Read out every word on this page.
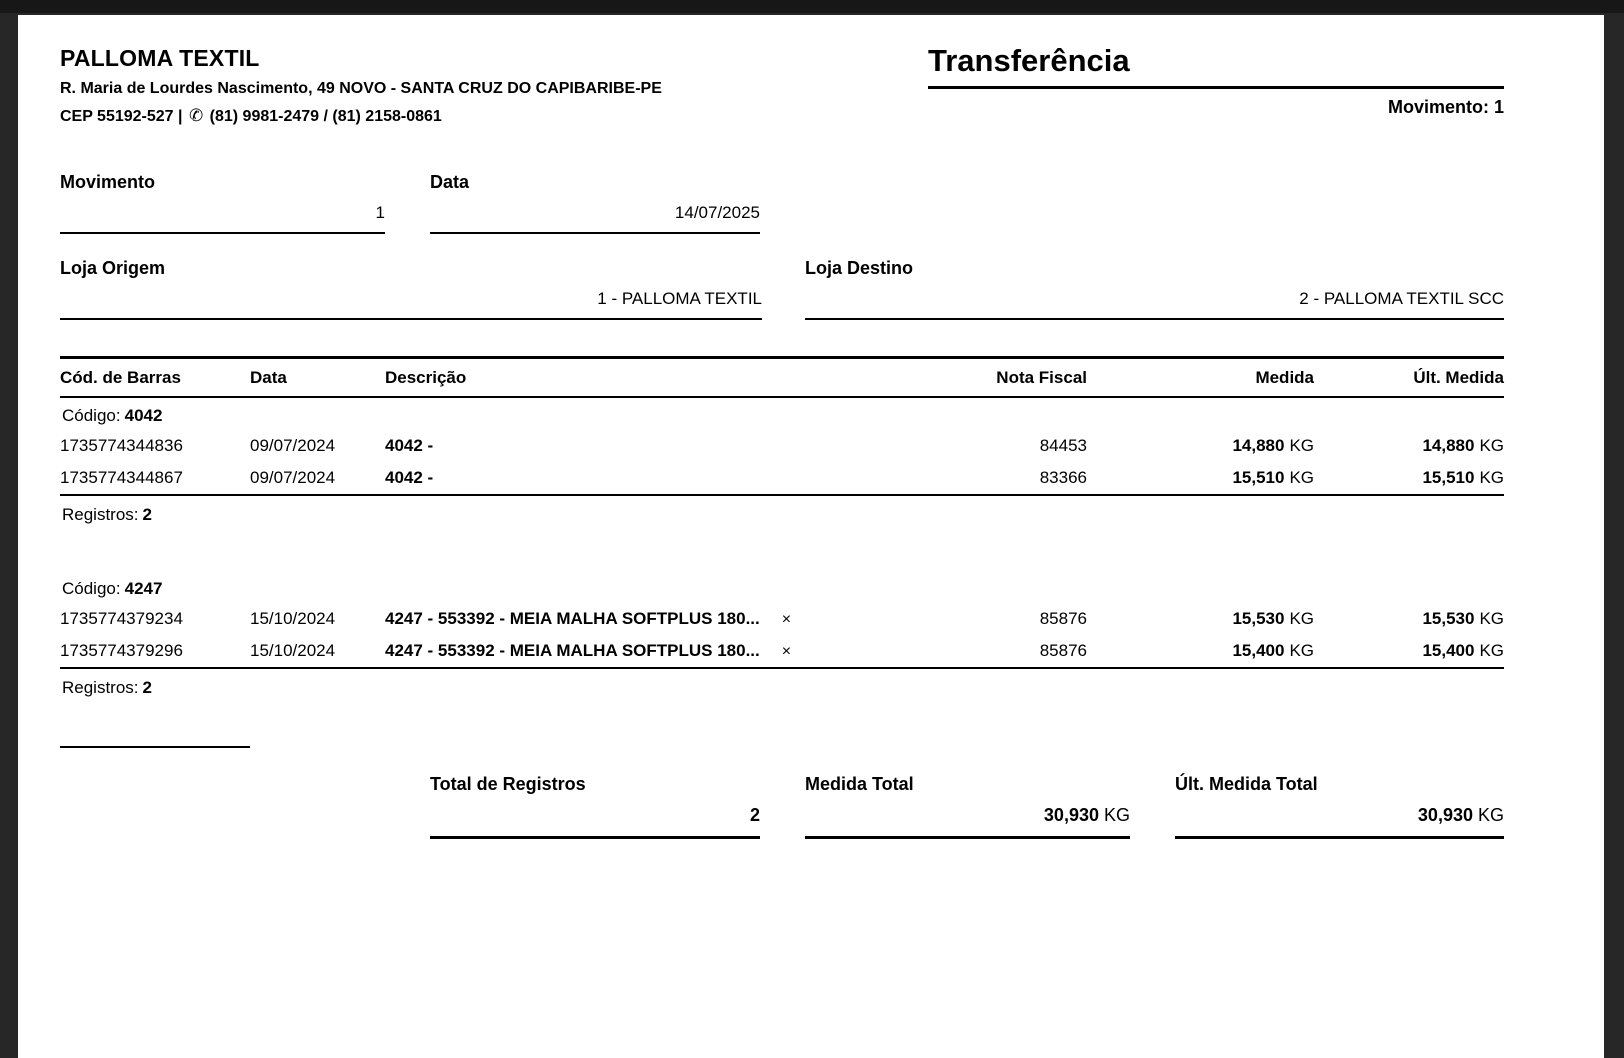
PALLOMA TEXTIL
R. Maria de Lourdes Nascimento, 49 NOVO - SANTA CRUZ DO CAPIBARIBE-PE
CEP 55192-527 | ✆ (81) 9981-2479 / (81) 2158-0861
Transferência
Movimento: 1
Movimento
1
Data
14/07/2025
Loja Origem
1 - PALLOMA TEXTIL
Loja Destino
2 - PALLOMA TEXTIL SCC
Cód. de Barras	Data	Descrição	Nota Fiscal	Medida	Últ. Medida
Código: 4042
1735774344836	09/07/2024	4042 -	84453	14,880 KG	14,880 KG
1735774344867	09/07/2024	4042 -	83366	15,510 KG	15,510 KG
Registros: 2
Código: 4247
1735774379234	15/10/2024	4247 - 553392 - MEIA MALHA SOFTPLUS 180... ×	85876	15,530 KG	15,530 KG
1735774379296	15/10/2024	4247 - 553392 - MEIA MALHA SOFTPLUS 180... ×	85876	15,400 KG	15,400 KG
Registros: 2
Total de Registros
2
Medida Total
30,930 KG
Últ. Medida Total
30,930 KG
